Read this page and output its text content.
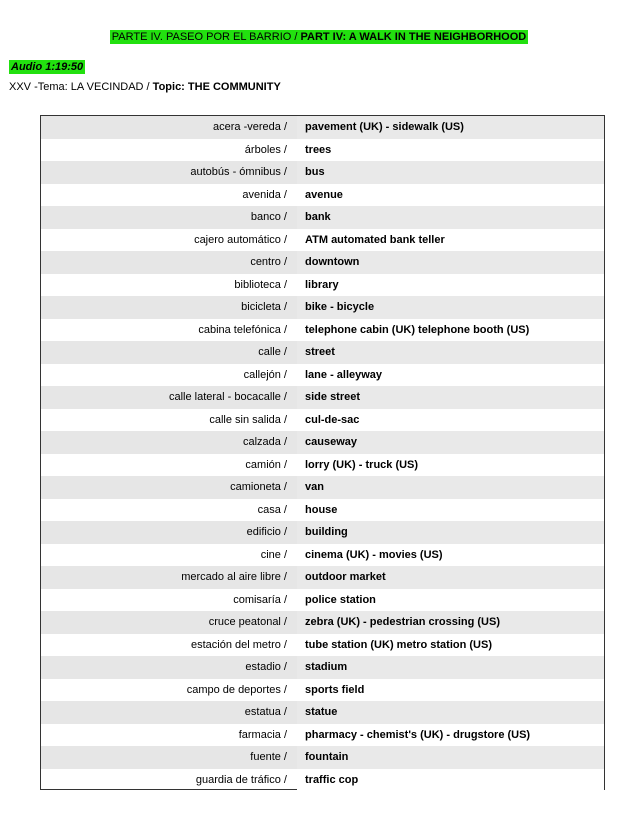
PARTE IV. PASEO POR EL BARRIO / PART IV: A WALK IN THE NEIGHBORHOOD
Audio 1:19:50
XXV -Tema: LA VECINDAD / Topic: THE COMMUNITY
acera -vereda /	pavement (UK) - sidewalk (US)
árboles /	trees
autobús - ómnibus /	bus
avenida /	avenue
banco /	bank
cajero automático /	ATM automated bank teller
centro /	downtown
biblioteca /	library
bicicleta /	bike - bicycle
cabina telefónica /	telephone cabin (UK) telephone booth (US)
calle /	street
callejón /	lane - alleyway
calle lateral - bocacalle /	side street
calle sin salida /	cul-de-sac
calzada /	causeway
camión /	lorry (UK) - truck (US)
camioneta /	van
casa /	house
edificio /	building
cine /	cinema (UK) - movies (US)
mercado al aire libre /	outdoor market
comisaría /	police station
cruce peatonal /	zebra (UK) - pedestrian crossing (US)
estación del metro /	tube station (UK) metro station (US)
estadio /	stadium
campo de deportes /	sports field
estatua /	statue
farmacia /	pharmacy - chemist's (UK) - drugstore (US)
fuente /	fountain
guardia de tráfico /	traffic cop
